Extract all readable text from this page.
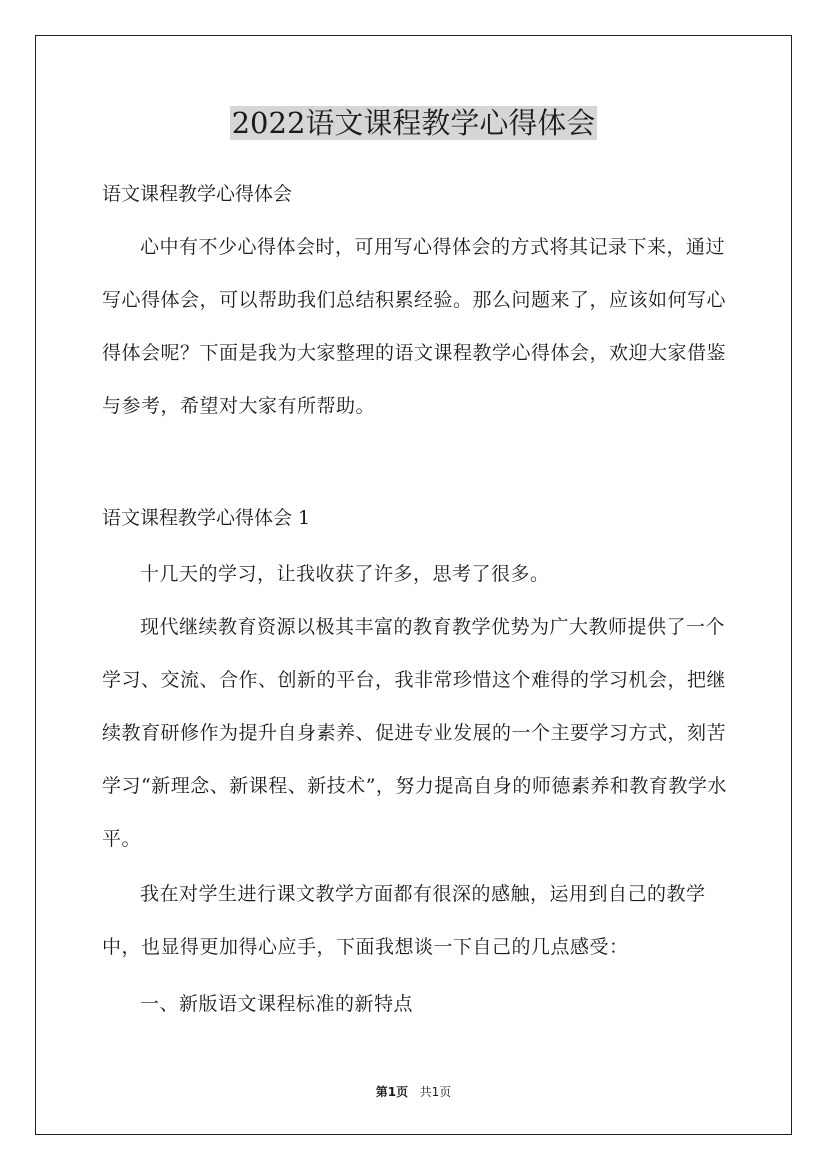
2022语文课程教学心得体会

语文课程教学心得体会

心中有不少心得体会时，可用写心得体会的方式将其记录下来，通过写心得体会，可以帮助我们总结积累经验。那么问题来了，应该如何写心得体会呢？下面是我为大家整理的语文课程教学心得体会，欢迎大家借鉴与参考，希望对大家有所帮助。

语文课程教学心得体会 1

十几天的学习，让我收获了许多，思考了很多。

现代继续教育资源以极其丰富的教育教学优势为广大教师提供了一个学习、交流、合作、创新的平台，我非常珍惜这个难得的学习机会，把继续教育研修作为提升自身素养、促进专业发展的一个主要学习方式，刻苦学习“新理念、新课程、新技术”，努力提高自身的师德素养和教育教学水平。

我在对学生进行课文教学方面都有很深的感触，运用到自己的教学中，也显得更加得心应手，下面我想谈一下自己的几点感受：

一、新版语文课程标准的新特点

第1页 共1页
